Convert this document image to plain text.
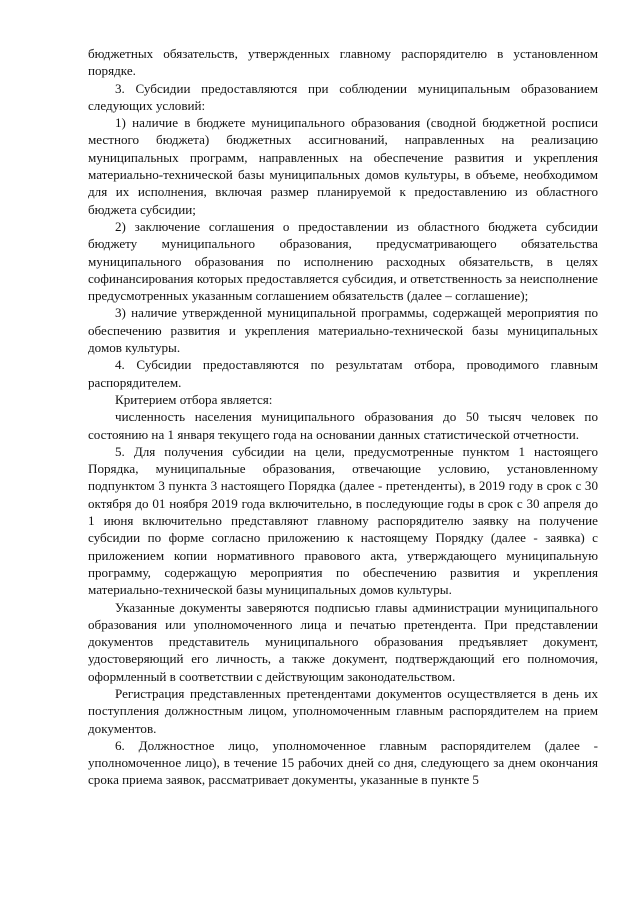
бюджетных обязательств, утвержденных главному распорядителю в установленном порядке.

3. Субсидии предоставляются при соблюдении муниципальным образованием следующих условий:

1) наличие в бюджете муниципального образования (сводной бюджетной росписи местного бюджета) бюджетных ассигнований, направленных на реализацию муниципальных программ, направленных на обеспечение развития и укрепления материально-технической базы муниципальных домов культуры, в объеме, необходимом для их исполнения, включая размер планируемой к предоставлению из областного бюджета субсидии;

2) заключение соглашения о предоставлении из областного бюджета субсидии бюджету муниципального образования, предусматривающего обязательства муниципального образования по исполнению расходных обязательств, в целях софинансирования которых предоставляется субсидия, и ответственность за неисполнение предусмотренных указанным соглашением обязательств (далее – соглашение);

3) наличие утвержденной муниципальной программы, содержащей мероприятия по обеспечению развития и укрепления материально-технической базы муниципальных домов культуры.

4. Субсидии предоставляются по результатам отбора, проводимого главным распорядителем.

Критерием отбора является:

численность населения муниципального образования до 50 тысяч человек по состоянию на 1 января текущего года на основании данных статистической отчетности.

5. Для получения субсидии на цели, предусмотренные пунктом 1 настоящего Порядка, муниципальные образования, отвечающие условию, установленному подпунктом 3 пункта 3 настоящего Порядка (далее - претенденты), в 2019 году в срок с 30 октября до 01 ноября 2019 года включительно, в последующие годы в срок с 30 апреля до 1 июня включительно представляют главному распорядителю заявку на получение субсидии по форме согласно приложению к настоящему Порядку (далее - заявка) с приложением копии нормативного правового акта, утверждающего муниципальную программу, содержащую мероприятия по обеспечению развития и укрепления материально-технической базы муниципальных домов культуры.

Указанные документы заверяются подписью главы администрации муниципального образования или уполномоченного лица и печатью претендента. При представлении документов представитель муниципального образования предъявляет документ, удостоверяющий его личность, а также документ, подтверждающий его полномочия, оформленный в соответствии с действующим законодательством.

Регистрация представленных претендентами документов осуществляется в день их поступления должностным лицом, уполномоченным главным распорядителем на прием документов.

6. Должностное лицо, уполномоченное главным распорядителем (далее - уполномоченное лицо), в течение 15 рабочих дней со дня, следующего за днем окончания срока приема заявок, рассматривает документы, указанные в пункте 5
